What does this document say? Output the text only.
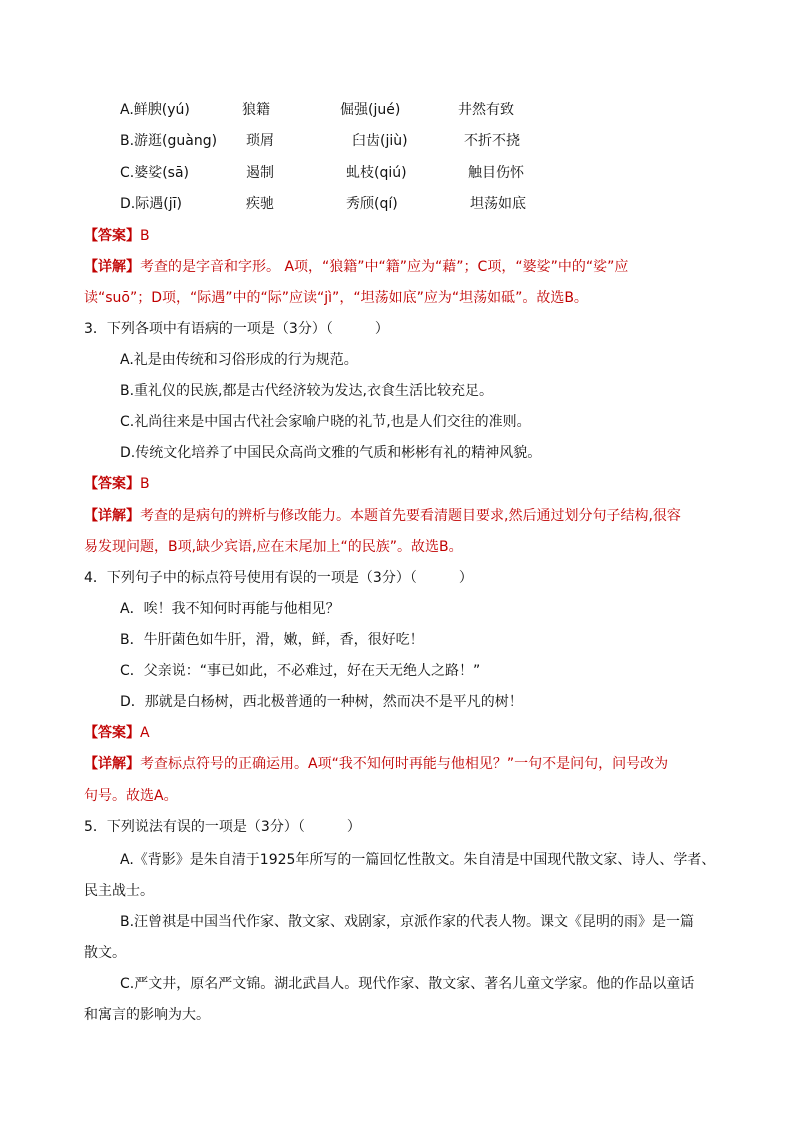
A.鲜腴(yú)	狼籍	倔强(jué)	井然有致
B.游逛(guàng) 琐屑	臼齿(jiù)	不折不挠
C.婆娑(sā)	遏制	虬枝(qiú)	触目伤怀
D.际遇(jī)	疾驰	秀颀(qí)	坦荡如底
【答案】B
【详解】考查的是字音和字形。 A项，“狼籍”中“籍”应为“藉”；C项，“婆娑”中的“娑”应
读“suō”；D项，“际遇”中的“际”应读“jì”，“坦荡如底”应为“坦荡如砥”。故选B。
3．下列各项中有语病的一项是（3分）（　　　）
A.礼是由传统和习俗形成的行为规范。
B.重礼仪的民族,都是古代经济较为发达,衣食生活比较充足。
C.礼尚往来是中国古代社会家喻户晓的礼节,也是人们交往的准则。
D.传统文化培养了中国民众高尚文雅的气质和彬彬有礼的精神风貌。
【答案】B
【详解】考查的是病句的辨析与修改能力。本题首先要看清题目要求,然后通过划分句子结构,很容
易发现问题，B项,缺少宾语,应在末尾加上“的民族”。故选B。
4．下列句子中的标点符号使用有误的一项是（3分）（　　　）
A．唉！我不知何时再能与他相见？
B．牛肝菌色如牛肝，滑，嫩，鲜，香，很好吃！
C．父亲说：“事已如此，不必难过，好在天无绝人之路！”
D．那就是白杨树，西北极普通的一种树，然而决不是平凡的树！
【答案】A
【详解】考查标点符号的正确运用。A项“我不知何时再能与他相见？”一句不是问句，问号改为
句号。故选A。
5．下列说法有误的一项是（3分）（　　　）
A.《背影》是朱自清于1925年所写的一篇回忆性散文。朱自清是中国现代散文家、诗人、学者、
民主战士。
B.汪曾祺是中国当代作家、散文家、戏剧家，京派作家的代表人物。课文《昆明的雨》是一篇
散文。
C.严文井，原名严文锦。湖北武昌人。现代作家、散文家、著名儿童文学家。他的作品以童话
和寓言的影响为大。
